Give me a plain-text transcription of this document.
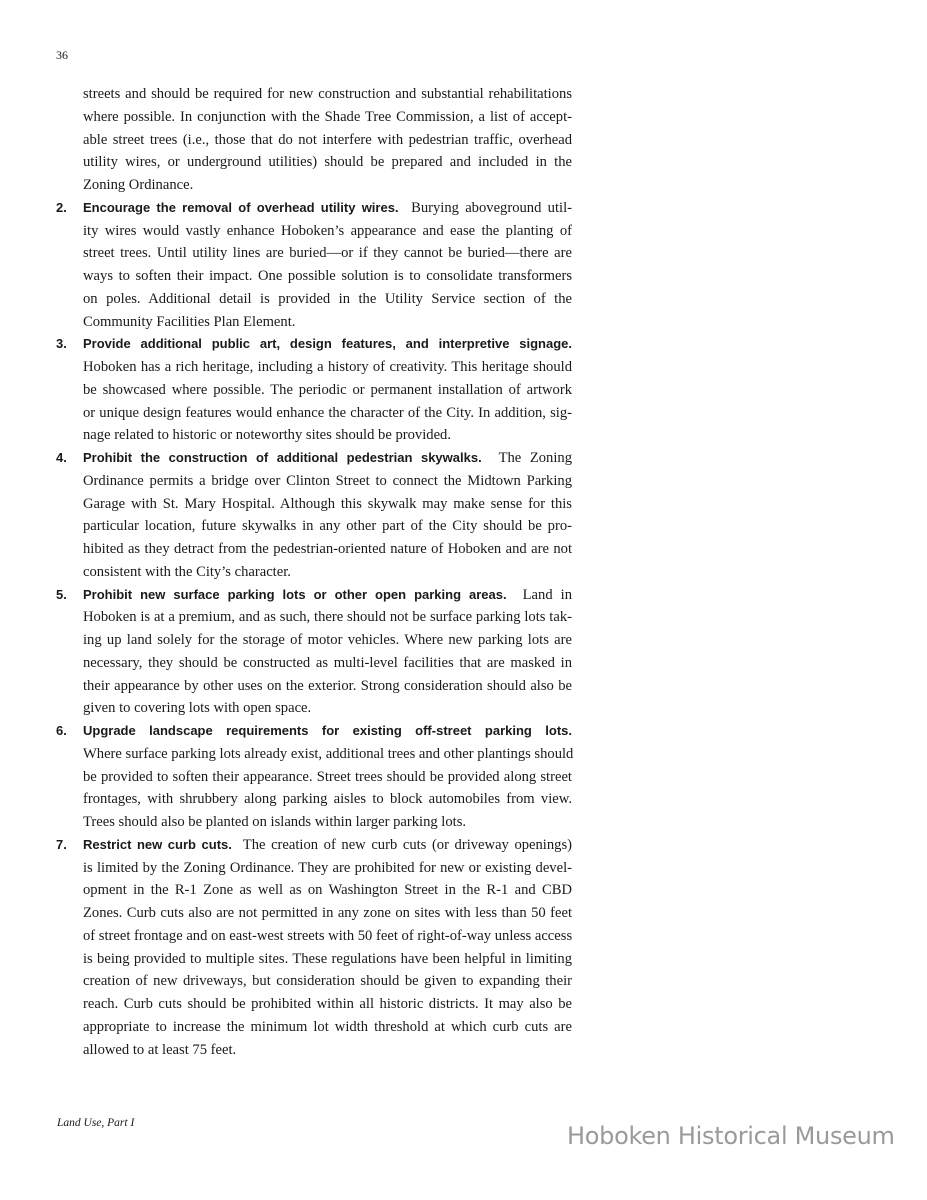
36
streets and should be required for new construction and substantial rehabilitations
where possible. In conjunction with the Shade Tree Commission, a list of accept-
able street trees (i.e., those that do not interfere with pedestrian traffic, overhead
utility wires, or underground utilities) should be prepared and included in the
Zoning Ordinance.
2. Encourage the removal of overhead utility wires.  Burying aboveground util-
ity wires would vastly enhance Hoboken’s appearance and ease the planting of
street trees. Until utility lines are buried—or if they cannot be buried—there are
ways to soften their impact. One possible solution is to consolidate transformers
on poles. Additional detail is provided in the Utility Service section of the
Community Facilities Plan Element.
3. Provide additional public art, design features, and interpretive signage.
Hoboken has a rich heritage, including a history of creativity. This heritage should
be showcased where possible. The periodic or permanent installation of artwork
or unique design features would enhance the character of the City. In addition, sig-
nage related to historic or noteworthy sites should be provided.
4. Prohibit the construction of additional pedestrian skywalks.  The Zoning
Ordinance permits a bridge over Clinton Street to connect the Midtown Parking
Garage with St. Mary Hospital. Although this skywalk may make sense for this
particular location, future skywalks in any other part of the City should be pro-
hibited as they detract from the pedestrian-oriented nature of Hoboken and are not
consistent with the City’s character.
5. Prohibit new surface parking lots or other open parking areas.  Land in
Hoboken is at a premium, and as such, there should not be surface parking lots tak-
ing up land solely for the storage of motor vehicles. Where new parking lots are
necessary, they should be constructed as multi-level facilities that are masked in
their appearance by other uses on the exterior. Strong consideration should also be
given to covering lots with open space.
6. Upgrade landscape requirements for existing off-street parking lots.
Where surface parking lots already exist, additional trees and other plantings should
be provided to soften their appearance. Street trees should be provided along street
frontages, with shrubbery along parking aisles to block automobiles from view.
Trees should also be planted on islands within larger parking lots.
7. Restrict new curb cuts.  The creation of new curb cuts (or driveway openings)
is limited by the Zoning Ordinance. They are prohibited for new or existing devel-
opment in the R-1 Zone as well as on Washington Street in the R-1 and CBD
Zones. Curb cuts also are not permitted in any zone on sites with less than 50 feet
of street frontage and on east-west streets with 50 feet of right-of-way unless access
is being provided to multiple sites. These regulations have been helpful in limiting
creation of new driveways, but consideration should be given to expanding their
reach. Curb cuts should be prohibited within all historic districts. It may also be
appropriate to increase the minimum lot width threshold at which curb cuts are
allowed to at least 75 feet.
Land Use, Part I	Hoboken Historical Museum
